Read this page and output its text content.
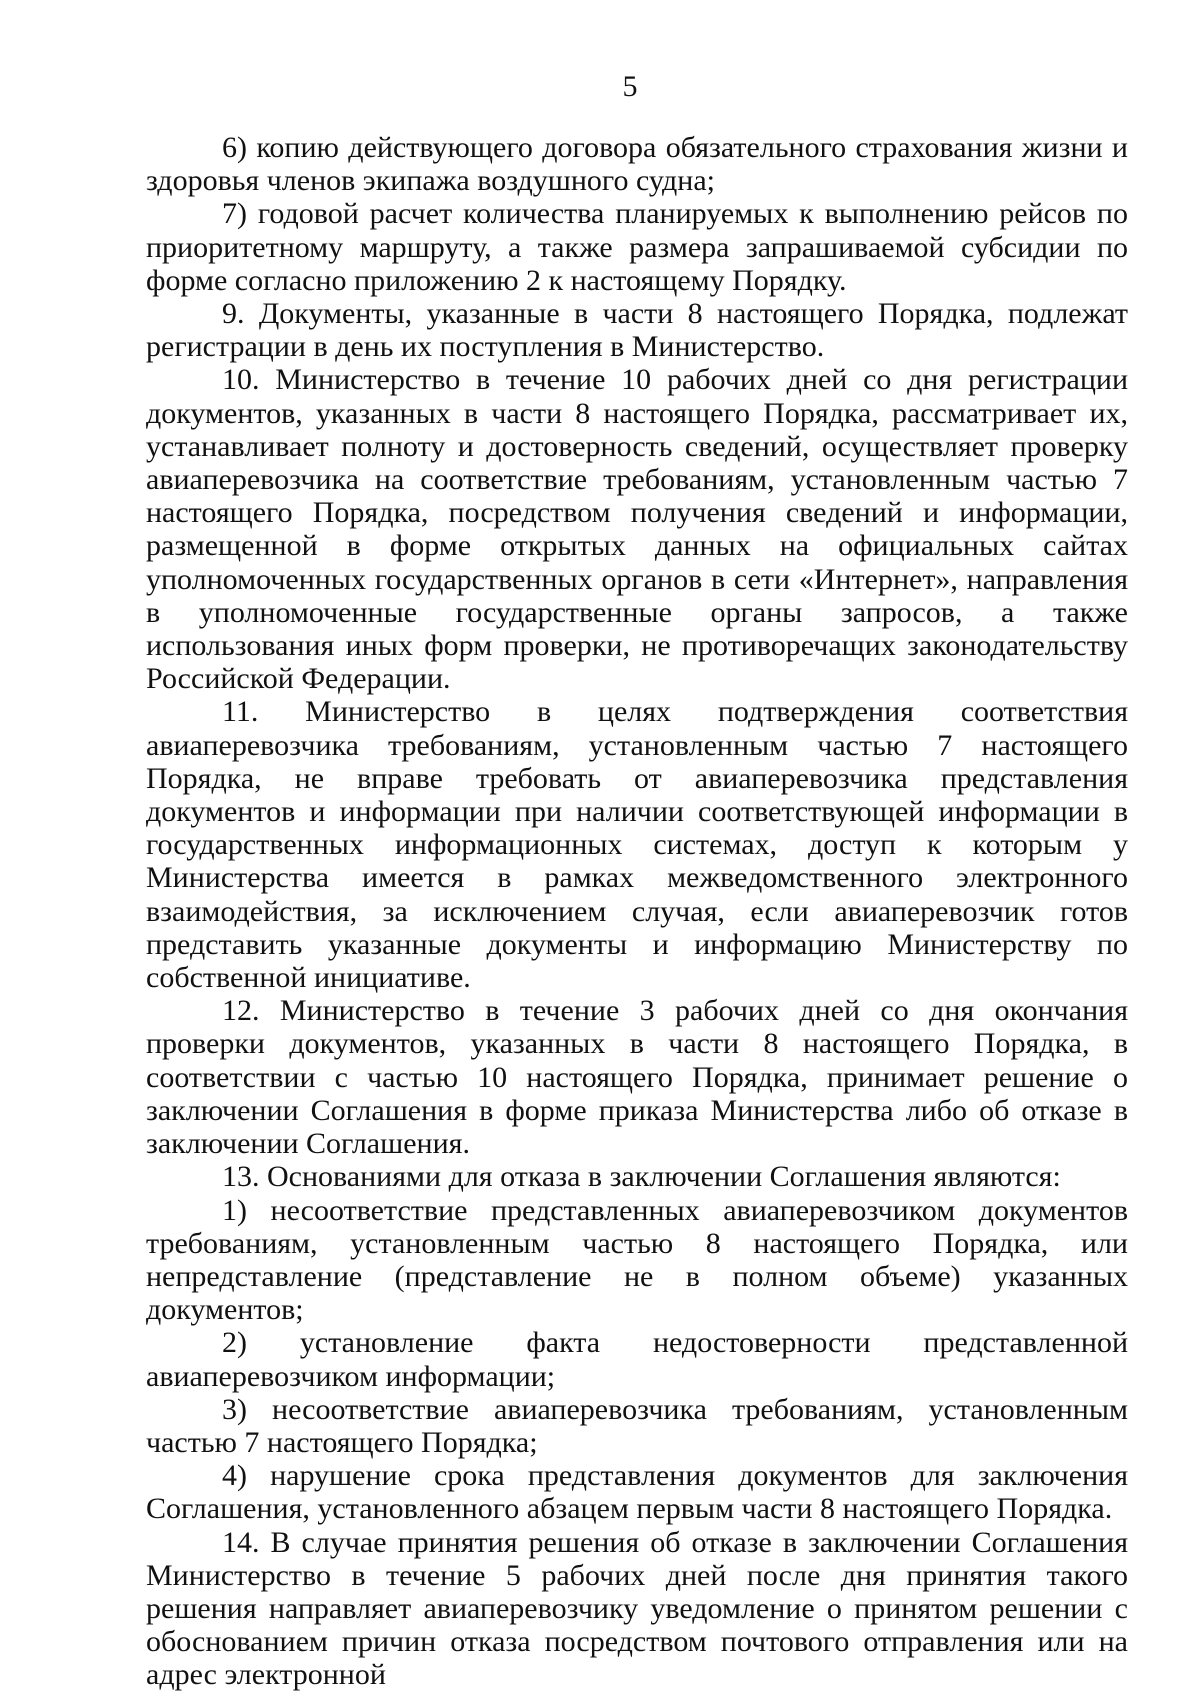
5

6) копию действующего договора обязательного страхования жизни и здоровья членов экипажа воздушного судна;

7) годовой расчет количества планируемых к выполнению рейсов по приоритетному маршруту, а также размера запрашиваемой субсидии по форме согласно приложению 2 к настоящему Порядку.

9. Документы, указанные в части 8 настоящего Порядка, подлежат регистрации в день их поступления в Министерство.

10. Министерство в течение 10 рабочих дней со дня регистрации документов, указанных в части 8 настоящего Порядка, рассматривает их, устанавливает полноту и достоверность сведений, осуществляет проверку авиаперевозчика на соответствие требованиям, установленным частью 7 настоящего Порядка, посредством получения сведений и информации, размещенной в форме открытых данных на официальных сайтах уполномоченных государственных органов в сети «Интернет», направления в уполномоченные государственные органы запросов, а также использования иных форм проверки, не противоречащих законодательству Российской Федерации.

11. Министерство в целях подтверждения соответствия авиаперевозчика требованиям, установленным частью 7 настоящего Порядка, не вправе требовать от авиаперевозчика представления документов и информации при наличии соответствующей информации в государственных информационных системах, доступ к которым у Министерства имеется в рамках межведомственного электронного взаимодействия, за исключением случая, если авиаперевозчик готов представить указанные документы и информацию Министерству по собственной инициативе.

12. Министерство в течение 3 рабочих дней со дня окончания проверки документов, указанных в части 8 настоящего Порядка, в соответствии с частью 10 настоящего Порядка, принимает решение о заключении Соглашения в форме приказа Министерства либо об отказе в заключении Соглашения.

13. Основаниями для отказа в заключении Соглашения являются:

1) несоответствие представленных авиаперевозчиком документов требованиям, установленным частью 8 настоящего Порядка, или непредставление (представление не в полном объеме) указанных документов;

2) установление факта недостоверности представленной авиаперевозчиком информации;

3) несоответствие авиаперевозчика требованиям, установленным частью 7 настоящего Порядка;

4) нарушение срока представления документов для заключения Соглашения, установленного абзацем первым части 8 настоящего Порядка.

14. В случае принятия решения об отказе в заключении Соглашения Министерство в течение 5 рабочих дней после дня принятия такого решения направляет авиаперевозчику уведомление о принятом решении с обоснованием причин отказа посредством почтового отправления или на адрес электронной
